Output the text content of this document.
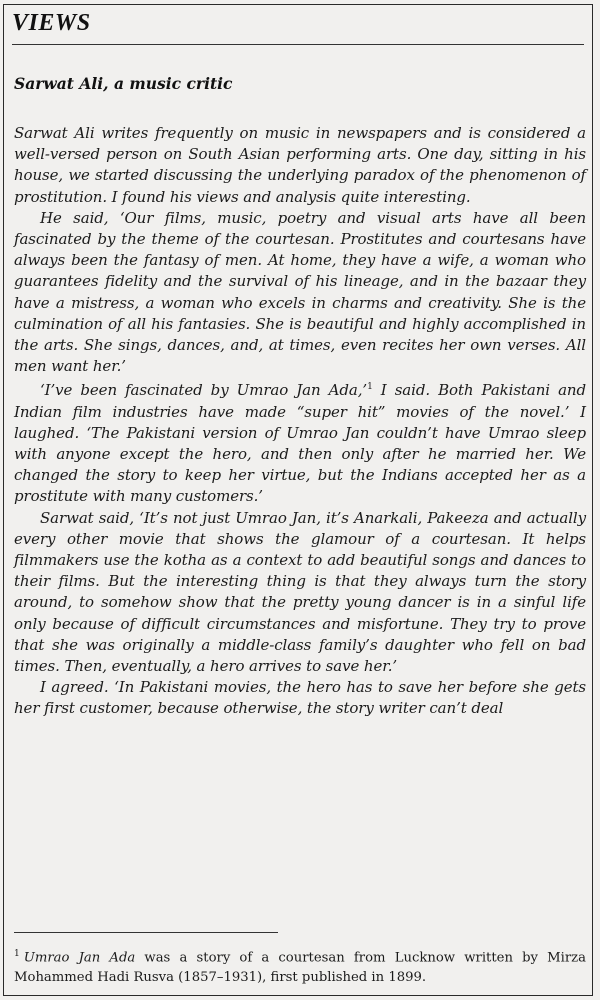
VIEWS
Sarwat Ali, a music critic

Sarwat Ali writes frequently on music in newspapers and is considered a well-versed person on South Asian performing arts. One day, sitting in his house, we started discussing the underlying paradox of the phenomenon of prostitution. I found his views and analysis quite interesting.

He said, ‘Our films, music, poetry and visual arts have all been fascinated by the theme of the courtesan. Prostitutes and courtesans have always been the fantasy of men. At home, they have a wife, a woman who guarantees fidelity and the survival of his lineage, and in the bazaar they have a mistress, a woman who excels in charms and creativity. She is the culmination of all his fantasies. She is beautiful and highly accomplished in the arts. She sings, dances, and, at times, even recites her own verses. All men want her.’

‘I’ve been fascinated by Umrao Jan Ada,’$^1$ I said. Both Pakistani and Indian film industries have made “super hit” movies of the novel.’ I laughed. ‘The Pakistani version of Umrao Jan couldn’t have Umrao sleep with anyone except the hero, and then only after he married her. We changed the story to keep her virtue, but the Indians accepted her as a prostitute with many customers.’

Sarwat said, ‘It’s not just Umrao Jan, it’s Anarkali, Pakeeza and actually every other movie that shows the glamour of a courtesan. It helps filmmakers use the kotha as a context to add beautiful songs and dances to their films. But the interesting thing is that they always turn the story around, to somehow show that the pretty young dancer is in a sinful life only because of difficult circumstances and misfortune. They try to prove that she was originally a middle-class family’s daughter who fell on bad times. Then, eventually, a hero arrives to save her.’

I agreed. ‘In Pakistani movies, the hero has to save her before she gets her first customer, because otherwise, the story writer can’t deal

$^1$ Umrao Jan Ada was a story of a courtesan from Lucknow written by Mirza Mohammed Hadi Rusva (1857–1931), first published in 1899.
